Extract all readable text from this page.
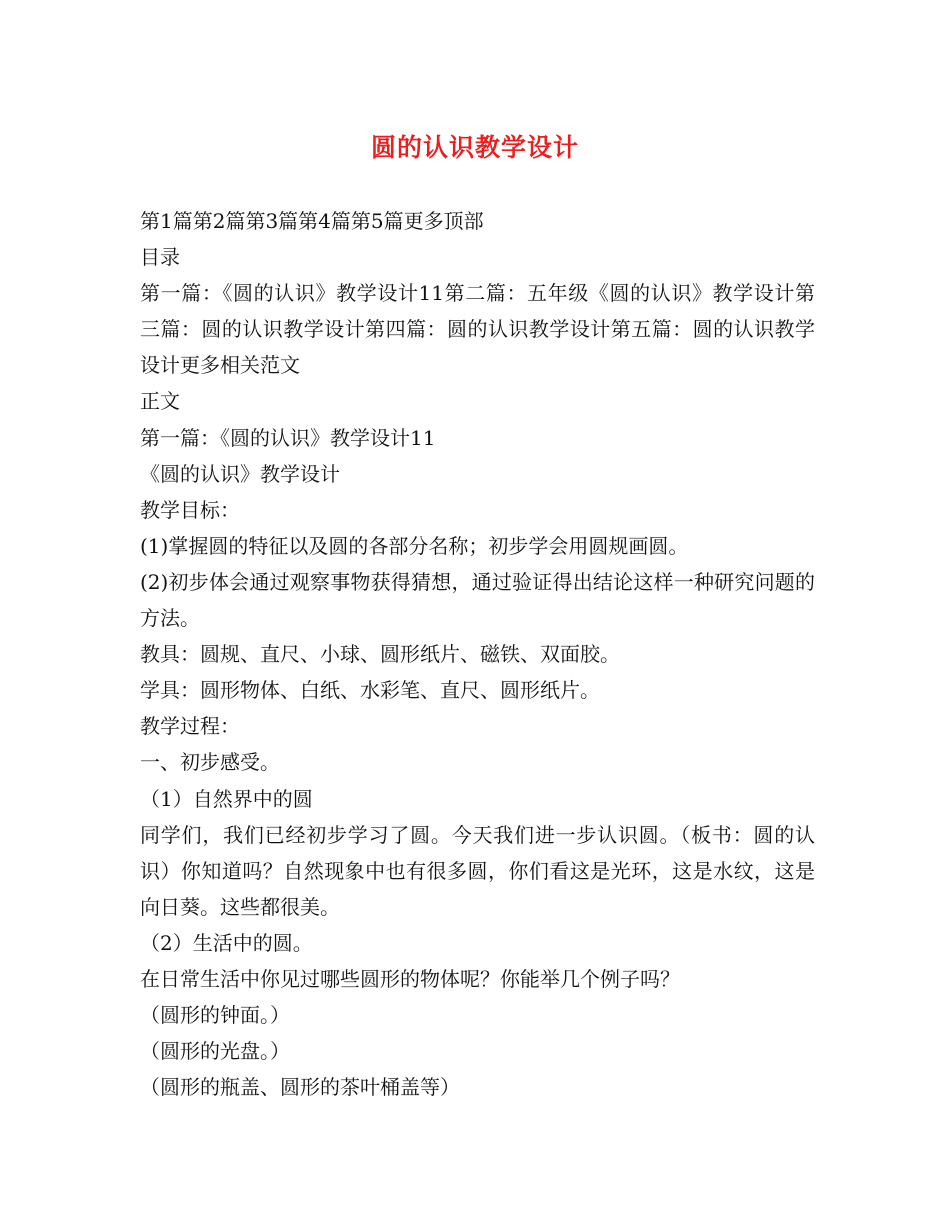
圆的认识教学设计

第1篇第2篇第3篇第4篇第5篇更多顶部

目录

第一篇：《圆的认识》教学设计11第二篇：五年级《圆的认识》教学设计第三篇：圆的认识教学设计第四篇：圆的认识教学设计第五篇：圆的认识教学设计更多相关范文

正文

第一篇：《圆的认识》教学设计11

《圆的认识》教学设计

教学目标：

(1)掌握圆的特征以及圆的各部分名称；初步学会用圆规画圆。

(2)初步体会通过观察事物获得猜想，通过验证得出结论这样一种研究问题的方法。

教具：圆规、直尺、小球、圆形纸片、磁铁、双面胶。

学具：圆形物体、白纸、水彩笔、直尺、圆形纸片。

教学过程：

一、初步感受。

（1）自然界中的圆

同学们，我们已经初步学习了圆。今天我们进一步认识圆。（板书：圆的认识）你知道吗？自然现象中也有很多圆，你们看这是光环，这是水纹，这是向日葵。这些都很美。

（2）生活中的圆。

在日常生活中你见过哪些圆形的物体呢？你能举几个例子吗？

（圆形的钟面。）

（圆形的光盘。）

（圆形的瓶盖、圆形的茶叶桶盖等）
